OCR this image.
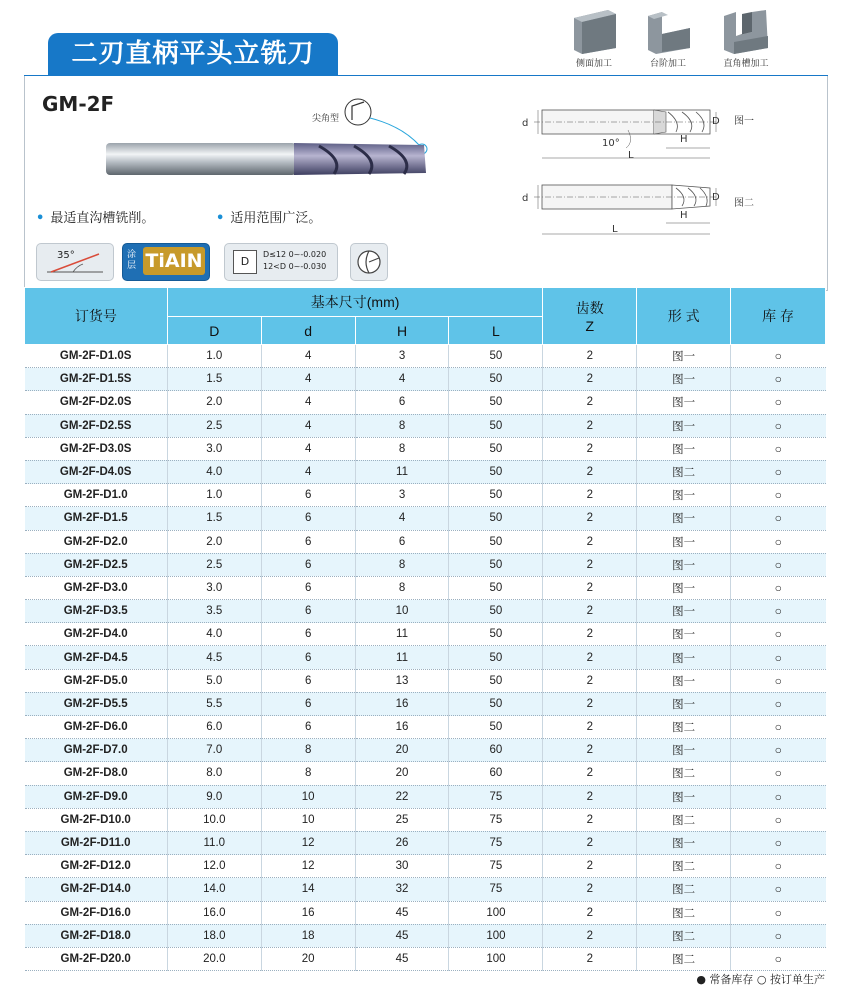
二刃直柄平头立铣刀	侧面加工	台阶加工	直角槽加工
GM-2F
尖角型
• 最适直沟槽铣削。	• 适用范围广泛。
图一
图二
10°
d	D
H
L
d	D
H
L
35°	涂层 TiAIN	D
D≤12 0~-0.020
12<D 0~-0.030
订货号	基本尺寸(mm)				齿数
Z	形 式	库 存
	D	d	H	L			
GM-2F-D1.0S	1.0	4	3	50	2	图一	○
GM-2F-D1.5S	1.5	4	4	50	2	图一	○
GM-2F-D2.0S	2.0	4	6	50	2	图一	○
GM-2F-D2.5S	2.5	4	8	50	2	图一	○
GM-2F-D3.0S	3.0	4	8	50	2	图一	○
GM-2F-D4.0S	4.0	4	11	50	2	图二	○
GM-2F-D1.0	1.0	6	3	50	2	图一	○
GM-2F-D1.5	1.5	6	4	50	2	图一	○
GM-2F-D2.0	2.0	6	6	50	2	图一	○
GM-2F-D2.5	2.5	6	8	50	2	图一	○
GM-2F-D3.0	3.0	6	8	50	2	图一	○
GM-2F-D3.5	3.5	6	10	50	2	图一	○
GM-2F-D4.0	4.0	6	11	50	2	图一	○
GM-2F-D4.5	4.5	6	11	50	2	图一	○
GM-2F-D5.0	5.0	6	13	50	2	图一	○
GM-2F-D5.5	5.5	6	16	50	2	图一	○
GM-2F-D6.0	6.0	6	16	50	2	图二	○
GM-2F-D7.0	7.0	8	20	60	2	图一	○
GM-2F-D8.0	8.0	8	20	60	2	图二	○
GM-2F-D9.0	9.0	10	22	75	2	图一	○
GM-2F-D10.0	10.0	10	25	75	2	图二	○
GM-2F-D11.0	11.0	12	26	75	2	图一	○
GM-2F-D12.0	12.0	12	30	75	2	图二	○
GM-2F-D14.0	14.0	14	32	75	2	图二	○
GM-2F-D16.0	16.0	16	45	100	2	图二	○
GM-2F-D18.0	18.0	18	45	100	2	图二	○
GM-2F-D20.0	20.0	20	45	100	2	图二	○
● 常备库存 ○ 按订单生产
